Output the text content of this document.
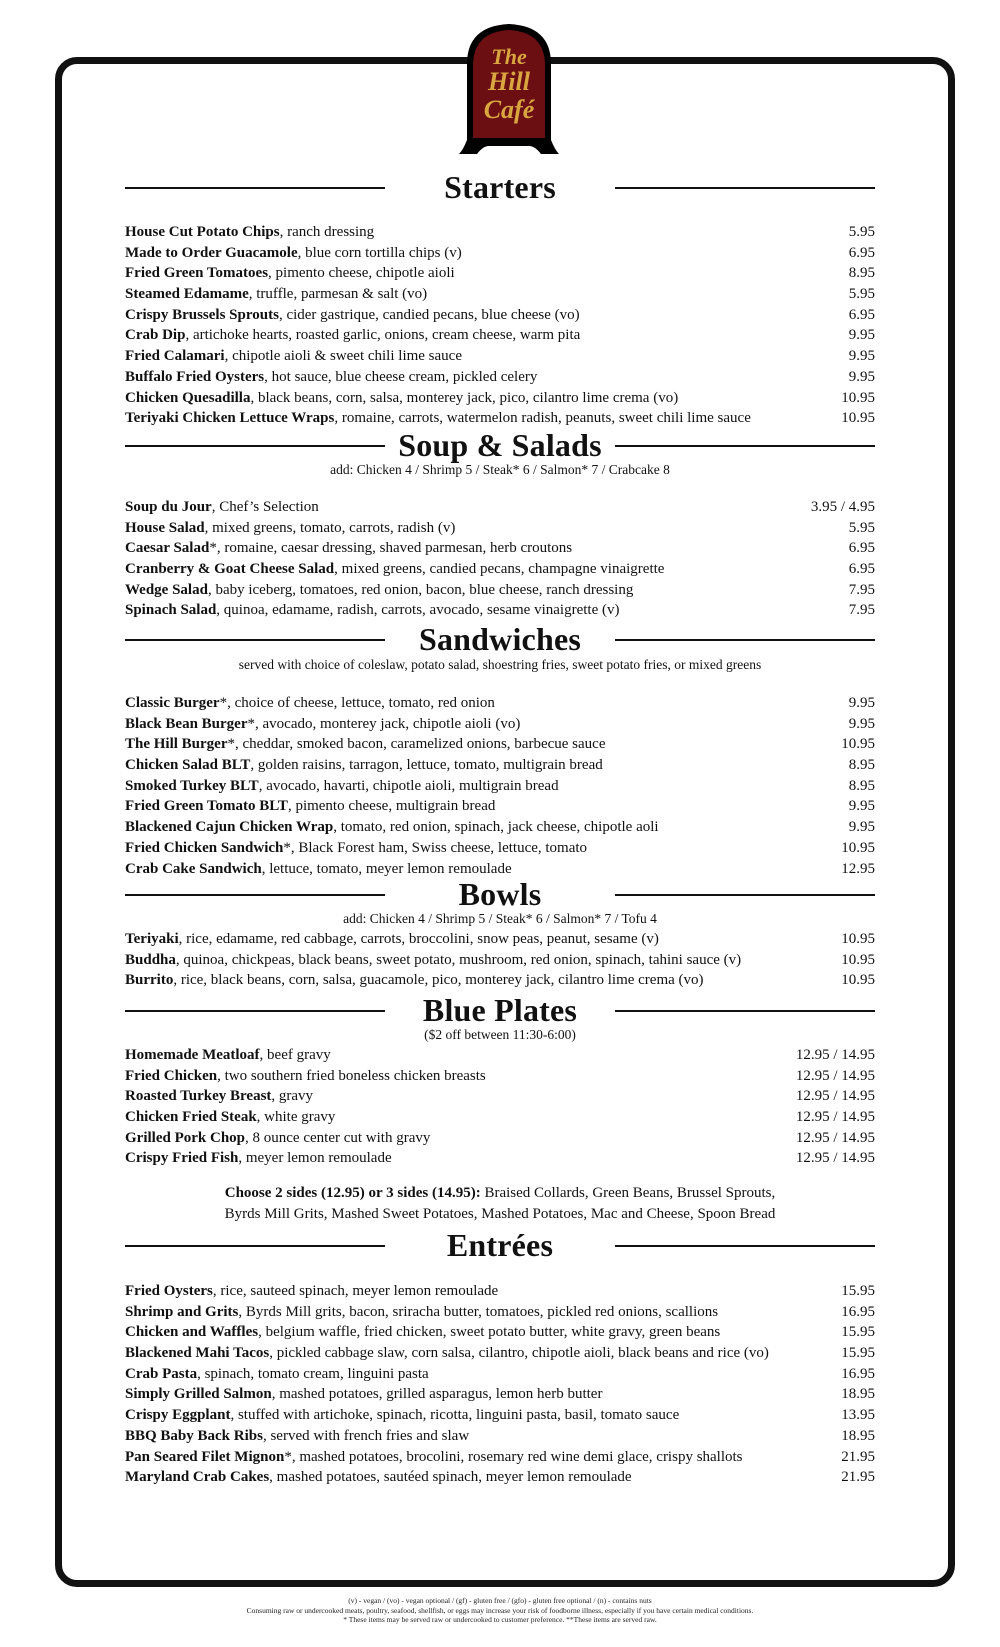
The
Hill
Café
Starters
House Cut Potato Chips, ranch dressing	5.95
Made to Order Guacamole, blue corn tortilla chips (v)	6.95
Fried Green Tomatoes, pimento cheese, chipotle aioli	8.95
Steamed Edamame, truffle, parmesan & salt (vo)	5.95
Crispy Brussels Sprouts, cider gastrique, candied pecans, blue cheese (vo)	6.95
Crab Dip, artichoke hearts, roasted garlic, onions, cream cheese, warm pita	9.95
Fried Calamari, chipotle aioli & sweet chili lime sauce	9.95
Buffalo Fried Oysters, hot sauce, blue cheese cream, pickled celery	9.95
Chicken Quesadilla, black beans, corn, salsa, monterey jack, pico, cilantro lime crema (vo)	10.95
Teriyaki Chicken Lettuce Wraps, romaine, carrots, watermelon radish, peanuts, sweet chili lime sauce	10.95
Soup & Salads
add: Chicken 4 / Shrimp 5 / Steak* 6 / Salmon* 7 / Crabcake 8
Soup du Jour, Chef’s Selection	3.95 / 4.95
House Salad, mixed greens, tomato, carrots, radish (v)	5.95
Caesar Salad*, romaine, caesar dressing, shaved parmesan, herb croutons	6.95
Cranberry & Goat Cheese Salad, mixed greens, candied pecans, champagne vinaigrette	6.95
Wedge Salad, baby iceberg, tomatoes, red onion, bacon, blue cheese, ranch dressing	7.95
Spinach Salad, quinoa, edamame, radish, carrots, avocado, sesame vinaigrette (v)	7.95
Sandwiches
served with choice of coleslaw, potato salad, shoestring fries, sweet potato fries, or mixed greens
Classic Burger*, choice of cheese, lettuce, tomato, red onion	9.95
Black Bean Burger*, avocado, monterey jack, chipotle aioli (vo)	9.95
The Hill Burger*, cheddar, smoked bacon, caramelized onions, barbecue sauce	10.95
Chicken Salad BLT, golden raisins, tarragon, lettuce, tomato, multigrain bread	8.95
Smoked Turkey BLT, avocado, havarti, chipotle aioli, multigrain bread	8.95
Fried Green Tomato BLT, pimento cheese, multigrain bread	9.95
Blackened Cajun Chicken Wrap, tomato, red onion, spinach, jack cheese, chipotle aoli	9.95
Fried Chicken Sandwich*, Black Forest ham, Swiss cheese, lettuce, tomato	10.95
Crab Cake Sandwich, lettuce, tomato, meyer lemon remoulade	12.95
Bowls
add: Chicken 4 / Shrimp 5 / Steak* 6 / Salmon* 7 / Tofu 4
Teriyaki, rice, edamame, red cabbage, carrots, broccolini, snow peas, peanut, sesame (v)	10.95
Buddha, quinoa, chickpeas, black beans, sweet potato, mushroom, red onion, spinach, tahini sauce (v)	10.95
Burrito, rice, black beans, corn, salsa, guacamole, pico, monterey jack, cilantro lime crema (vo)	10.95
Blue Plates
($2 off between 11:30-6:00)
Homemade Meatloaf, beef gravy	12.95 / 14.95
Fried Chicken, two southern fried boneless chicken breasts	12.95 / 14.95
Roasted Turkey Breast, gravy	12.95 / 14.95
Chicken Fried Steak, white gravy	12.95 / 14.95
Grilled Pork Chop, 8 ounce center cut with gravy	12.95 / 14.95
Crispy Fried Fish, meyer lemon remoulade	12.95 / 14.95
Choose 2 sides (12.95) or 3 sides (14.95): Braised Collards, Green Beans, Brussel Sprouts,
Byrds Mill Grits, Mashed Sweet Potatoes, Mashed Potatoes, Mac and Cheese, Spoon Bread
Entrées
Fried Oysters, rice, sauteed spinach, meyer lemon remoulade	15.95
Shrimp and Grits, Byrds Mill grits, bacon, sriracha butter, tomatoes, pickled red onions, scallions	16.95
Chicken and Waffles, belgium waffle, fried chicken, sweet potato butter, white gravy, green beans	15.95
Blackened Mahi Tacos, pickled cabbage slaw, corn salsa, cilantro, chipotle aioli, black beans and rice (vo)	15.95
Crab Pasta, spinach, tomato cream, linguini pasta	16.95
Simply Grilled Salmon, mashed potatoes, grilled asparagus, lemon herb butter	18.95
Crispy Eggplant, stuffed with artichoke, spinach, ricotta, linguini pasta, basil, tomato sauce	13.95
BBQ Baby Back Ribs, served with french fries and slaw	18.95
Pan Seared Filet Mignon*, mashed potatoes, brocolini, rosemary red wine demi glace, crispy shallots	21.95
Maryland Crab Cakes, mashed potatoes, sautéed spinach, meyer lemon remoulade	21.95
(v) - vegan / (vo) - vegan optional / (gf) - gluten free / (gfo) - gluten free optional / (n) - contains nuts
Consuming raw or undercooked meats, poultry, seafood, shellfish, or eggs may increase your risk of foodborne illness, especially if you have certain medical conditions.
* These items may be served raw or undercooked to customer preference. **These items are served raw.
